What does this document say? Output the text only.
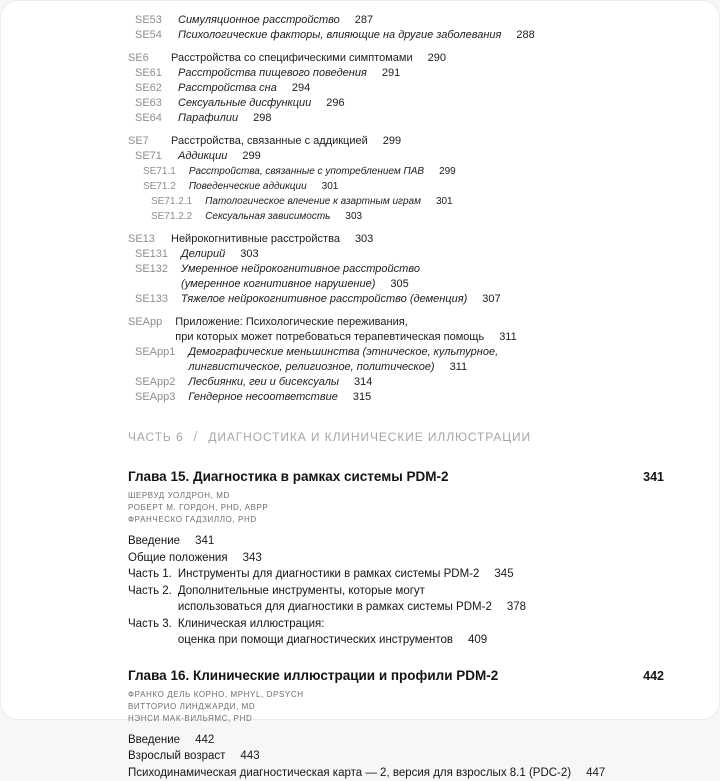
SE53 Симуляционное расстройство 287
SE54 Психологические факторы, влияющие на другие заболевания 288
SE6	Расстройства со специфическими симптомами 290
SE61 Расстройства пищевого поведения 291
SE62 Расстройства сна 294
SE63 Сексуальные дисфункции 296
SE64 Парафилии 298
SE7	Расстройства, связанные с аддикцией 299
SE71 Аддикции 299
SE71.1 Расстройства, связанные с употреблением ПАВ 299
SE71.2 Поведенческие аддикции 301
SE71.2.1 Патологическое влечение к азартным играм 301
SE71.2.2 Сексуальная зависимость 303
SE13 Нейрокогнитивные расстройства 303
SE131 Делирий 303
SE132 Умеренное нейрокогнитивное расстройство
(умеренное когнитивное нарушение) 305
SE133 Тяжелое нейрокогнитивное расстройство (деменция) 307
SEApp Приложение: Психологические переживания,
при которых может потребоваться терапевтическая помощь 311
SEApp1 Демографические меньшинства (этническое, культурное,
лингвистическое, религиозное, политическое) 311
SEApp2 Лесбиянки, геи и бисексуалы 314
SEApp3 Гендерное несоответствие 315
ЧАСТЬ 6 / ДИАГНОСТИКА И КЛИНИЧЕСКИЕ ИЛЛЮСТРАЦИИ
Глава 15. Диагностика в рамках системы PDM-2	341
ШЕРВУД УОЛДРОН, MD
РОБЕРТ М. ГОРДОН, PHD, ABPP
ФРАНЧЕСКО ГАДЗИЛЛО, PHD
Введение 341
Общие положения 343
Часть 1. Инструменты для диагностики в рамках системы PDM-2 345
Часть 2. Дополнительные инструменты, которые могут
использоваться для диагностики в рамках системы PDM-2 378
Часть 3. Клиническая иллюстрация:
оценка при помощи диагностических инструментов 409
Глава 16. Клинические иллюстрации и профили PDM-2	442
ФРАНКО ДЕЛЬ КОРНО, MPHYL, DPSYCH
ВИТТОРИО ЛИНДЖАРДИ, MD
НЭНСИ МАК-ВИЛЬЯМС, PHD
Введение 442
Взрослый возраст 443
Психодинамическая диагностическая карта — 2, версия для взрослых 8.1 (PDC-2) 447
